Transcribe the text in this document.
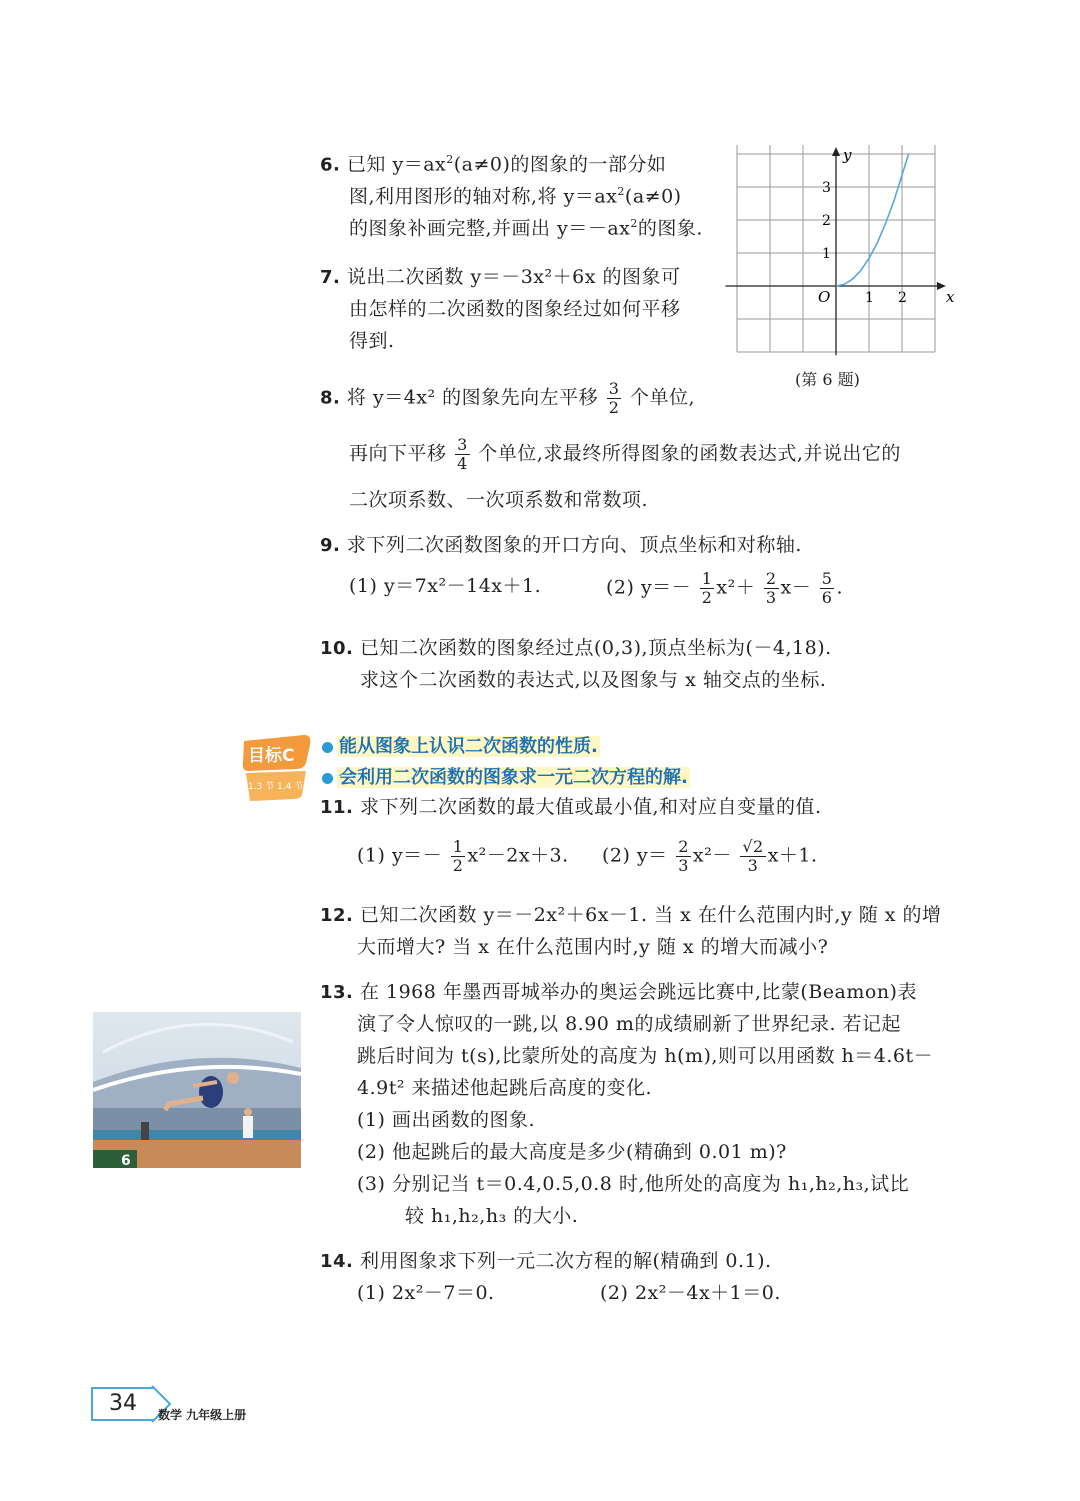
6. 已知 $y=ax^2(a\ne 0)$的图象的一部分如
图,利用图形的轴对称,将 $y=ax^2(a\ne 0)$
的图象补画完整,并画出 $y=-ax^2$的图象.
7. 说出二次函数 y＝－3x²＋6x 的图象可
由怎样的二次函数的图象经过如何平移
得到.
x
y
O 1 2
1
2
3
(第 6 题)
8. 将 y＝4x² 的图象先向左平移 $\frac{3}{2}$ 个单位,
再向下平移 $\frac{3}{4}$ 个单位,求最终所得图象的函数表达式,并说出它的
二次项系数、一次项系数和常数项.
9. 求下列二次函数图象的开口方向、顶点坐标和对称轴.
(1) y＝7x²－14x＋1.	(2) $y=- \frac{1}{2} x^2+ \frac{2}{3} x- \frac{5}{6}$ .
10. 已知二次函数的图象经过点(0,3),顶点坐标为(－4,18).
求这个二次函数的表达式,以及图象与 x 轴交点的坐标.
目标C
1.3 节 1.4 节
能从图象上认识二次函数的性质.
会利用二次函数的图象求一元二次方程的解.
11. 求下列二次函数的最大值或最小值,和对应自变量的值.
(1) $y=- \frac{1}{2} x^2-2x+3$. (2) $y= \frac{2}{3} x^2- \frac{√2}{3} x+1$.
12. 已知二次函数 y＝－2x²＋6x－1. 当 x 在什么范围内时,y 随 x 的增
大而增大? 当 x 在什么范围内时,y 随 x 的增大而减小?
13. 在 1968 年墨西哥城举办的奥运会跳远比赛中,比蒙(Beamon)表
演了令人惊叹的一跳,以 8.90 m的成绩刷新了世界纪录. 若记起
跳后时间为 t(s),比蒙所处的高度为 h(m),则可以用函数 h＝4.6t－
4.9t² 来描述他起跳后高度的变化.
(1) 画出函数的图象.
(2) 他起跳后的最大高度是多少(精确到 0.01 m)?
(3) 分别记当 t＝0.4,0.5,0.8 时,他所处的高度为 h₁,h₂,h₃,试比
较 h₁,h₂,h₃ 的大小.
6
14. 利用图象求下列一元二次方程的解(精确到 0.1).
(1) 2x²－7＝0.	(2) 2x²－4x＋1＝0.
34	数学 九年级上册
